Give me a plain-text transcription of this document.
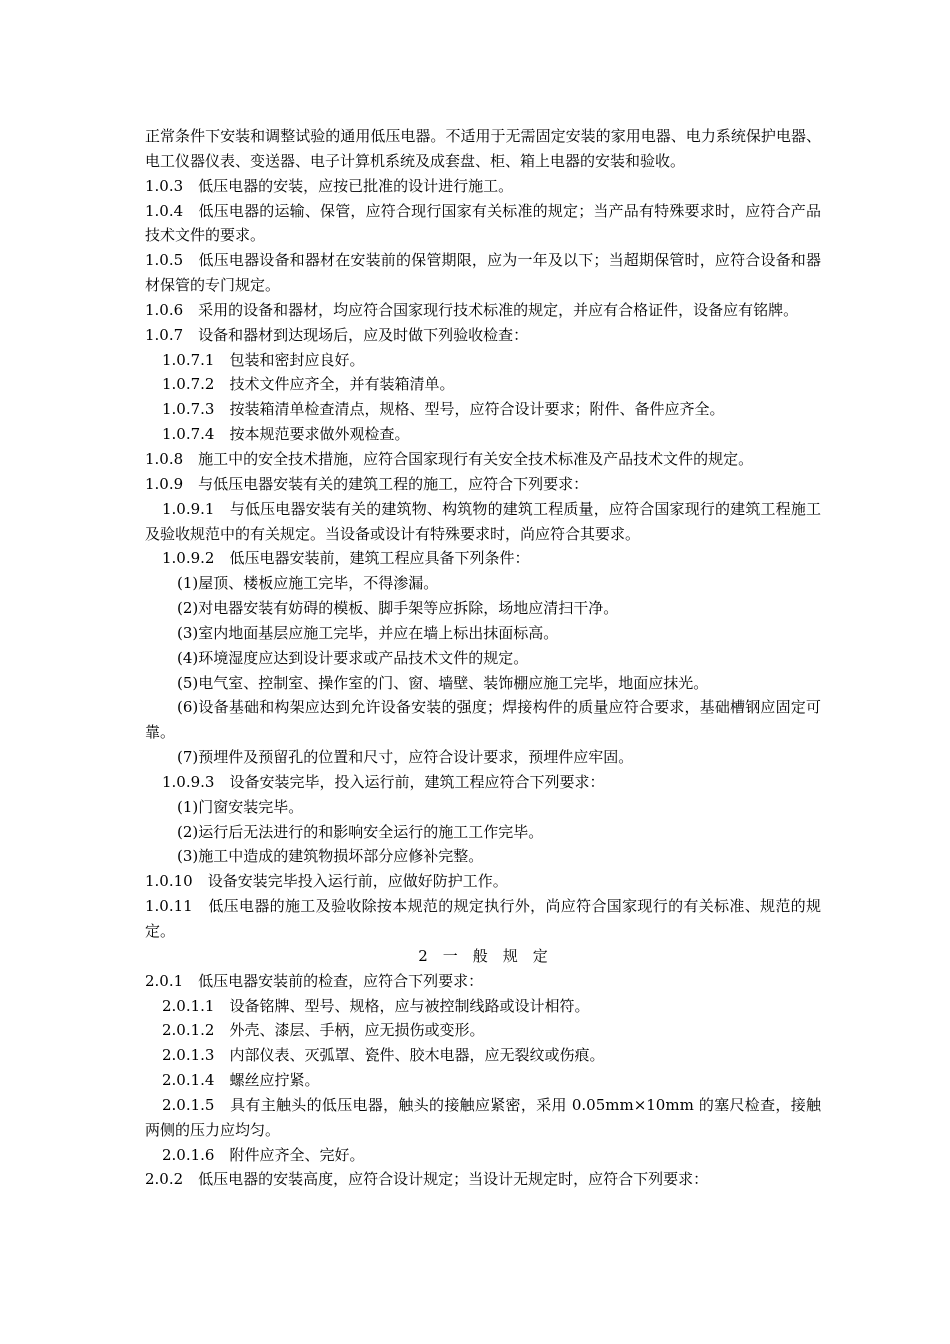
正常条件下安装和调整试验的通用低压电器。不适用于无需固定安装的家用电器、电力系统保护电器、电工仪器仪表、变送器、电子计算机系统及成套盘、柜、箱上电器的安装和验收。

1.0.3　低压电器的安装，应按已批准的设计进行施工。

1.0.4　低压电器的运输、保管，应符合现行国家有关标准的规定；当产品有特殊要求时，应符合产品技术文件的要求。

1.0.5　低压电器设备和器材在安装前的保管期限，应为一年及以下；当超期保管时，应符合设备和器材保管的专门规定。

1.0.6　采用的设备和器材，均应符合国家现行技术标准的规定，并应有合格证件，设备应有铭牌。

1.0.7　设备和器材到达现场后，应及时做下列验收检查：

1.0.7.1　包装和密封应良好。

1.0.7.2　技术文件应齐全，并有装箱清单。

1.0.7.3　按装箱清单检查清点，规格、型号，应符合设计要求；附件、备件应齐全。

1.0.7.4　按本规范要求做外观检查。

1.0.8　施工中的安全技术措施，应符合国家现行有关安全技术标准及产品技术文件的规定。

1.0.9　与低压电器安装有关的建筑工程的施工，应符合下列要求：

1.0.9.1　与低压电器安装有关的建筑物、构筑物的建筑工程质量，应符合国家现行的建筑工程施工及验收规范中的有关规定。当设备或设计有特殊要求时，尚应符合其要求。

1.0.9.2　低压电器安装前，建筑工程应具备下列条件：

(1)屋顶、楼板应施工完毕，不得渗漏。

(2)对电器安装有妨碍的模板、脚手架等应拆除，场地应清扫干净。

(3)室内地面基层应施工完毕，并应在墙上标出抹面标高。

(4)环境湿度应达到设计要求或产品技术文件的规定。

(5)电气室、控制室、操作室的门、窗、墙壁、装饰棚应施工完毕，地面应抹光。

(6)设备基础和构架应达到允许设备安装的强度；焊接构件的质量应符合要求，基础槽钢应固定可靠。

(7)预埋件及预留孔的位置和尺寸，应符合设计要求，预埋件应牢固。

1.0.9.3　设备安装完毕，投入运行前，建筑工程应符合下列要求：

(1)门窗安装完毕。

(2)运行后无法进行的和影响安全运行的施工工作完毕。

(3)施工中造成的建筑物损坏部分应修补完整。

1.0.10　设备安装完毕投入运行前，应做好防护工作。

1.0.11　低压电器的施工及验收除按本规范的规定执行外，尚应符合国家现行的有关标准、规范的规定。

2　一　般　规　定

2.0.1　低压电器安装前的检查，应符合下列要求：

2.0.1.1　设备铭牌、型号、规格，应与被控制线路或设计相符。

2.0.1.2　外壳、漆层、手柄，应无损伤或变形。

2.0.1.3　内部仪表、灭弧罩、瓷件、胶木电器，应无裂纹或伤痕。

2.0.1.4　螺丝应拧紧。

2.0.1.5　具有主触头的低压电器，触头的接触应紧密，采用 0.05mm×10mm 的塞尺检查，接触两侧的压力应均匀。

2.0.1.6　附件应齐全、完好。

2.0.2　低压电器的安装高度，应符合设计规定；当设计无规定时，应符合下列要求：
